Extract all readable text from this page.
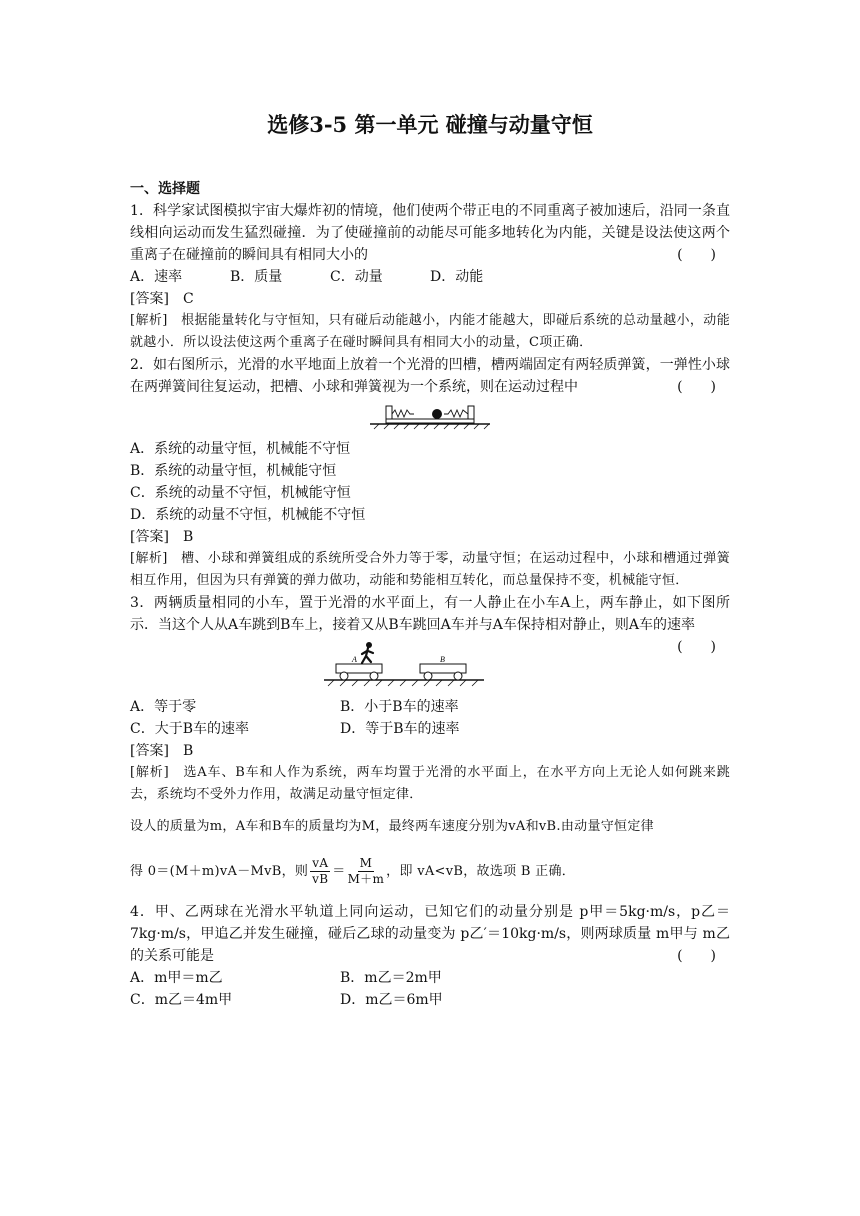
选修3-5 第一单元 碰撞与动量守恒

一、选择题

1．科学家试图模拟宇宙大爆炸初的情境，他们使两个带正电的不同重离子被加速后，沿同一条直线相向运动而发生猛烈碰撞．为了使碰撞前的动能尽可能多地转化为内能，关键是设法使这两个重离子在碰撞前的瞬间具有相同大小的	(　　)

A．速率	B．质量	C．动量	D．动能

[答案]　 C

[解析]　 根据能量转化与守恒知，只有碰后动能越小，内能才能越大，即碰后系统的总动量越小，动能就越小．所以设法使这两个重离子在碰时瞬间具有相同大小的动量，C项正确．

2．如右图所示，光滑的水平地面上放着一个光滑的凹槽，槽两端固定有两轻质弹簧，一弹性小球在两弹簧间往复运动，把槽、小球和弹簧视为一个系统，则在运动过程中	(　　)

A．系统的动量守恒，机械能不守恒

B．系统的动量守恒，机械能守恒

C．系统的动量不守恒，机械能守恒

D．系统的动量不守恒，机械能不守恒

[答案]　 B

[解析]　 槽、小球和弹簧组成的系统所受合外力等于零，动量守恒；在运动过程中，小球和槽通过弹簧相互作用，但因为只有弹簧的弹力做功，动能和势能相互转化，而总量保持不变，机械能守恒．

3．两辆质量相同的小车，置于光滑的水平面上，有一人静止在小车A上，两车静止，如下图所示．当这个人从A车跳到B车上，接着又从B车跳回A车并与A车保持相对静止，则A车的速率
(　　)

A	B

A．等于零	B．小于B车的速率

C．大于B车的速率	D．等于B车的速率

[答案]　 B

[解析]　 选A车、B车和人作为系统，两车均置于光滑的水平面上，在水平方向上无论人如何跳来跳去，系统均不受外力作用，故满足动量守恒定律．

设人的质量为m，A车和B车的质量均为M，最终两车速度分别为vA和vB.由动量守恒定律

得 0＝(M＋m)vA－MvB，则 $\frac{vA}{vB} = \frac{M}{M+m}$ ，即 vA<vB，故选项 B 正确．

4．甲、乙两球在光滑水平轨道上同向运动，已知它们的动量分别是 p甲＝5kg·m/s，p乙＝7kg·m/s，甲追乙并发生碰撞，碰后乙球的动量变为 p乙′＝10kg·m/s，则两球质量 m甲与 m乙的关系可能是	(　　)

A．m甲＝m乙	B．m乙＝2m甲

C．m乙＝4m甲	D．m乙＝6m甲
